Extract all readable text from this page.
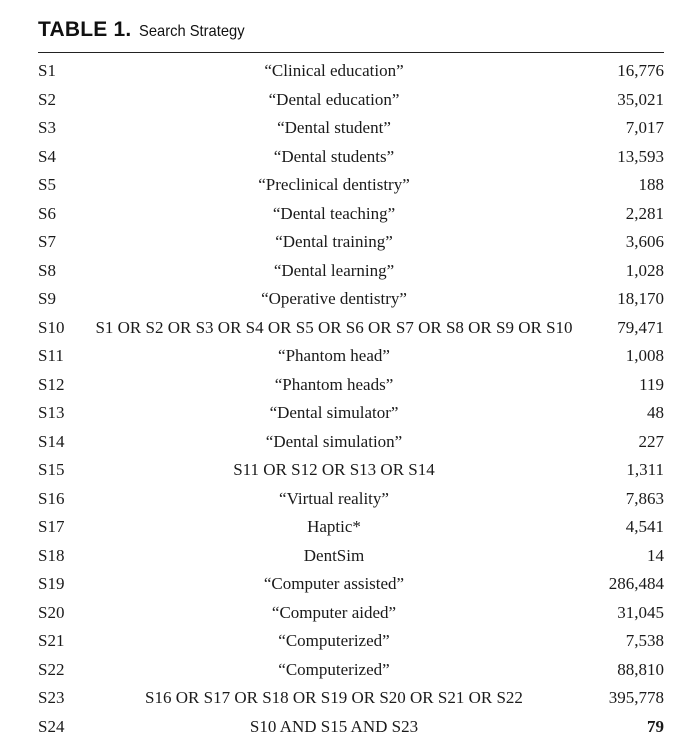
TABLE 1. Search Strategy
S1	“Clinical education”	16,776
S2	“Dental education”	35,021
S3	“Dental student”	7,017
S4	“Dental students”	13,593
S5	“Preclinical dentistry”	188
S6	“Dental teaching”	2,281
S7	“Dental training”	3,606
S8	“Dental learning”	1,028
S9	“Operative dentistry”	18,170
S10	S1 OR S2 OR S3 OR S4 OR S5 OR S6 OR S7 OR S8 OR S9 OR S10	79,471
S11	“Phantom head”	1,008
S12	“Phantom heads”	119
S13	“Dental simulator”	48
S14	“Dental simulation”	227
S15	S11 OR S12 OR S13 OR S14	1,311
S16	“Virtual reality”	7,863
S17	Haptic*	4,541
S18	DentSim	14
S19	“Computer assisted”	286,484
S20	“Computer aided”	31,045
S21	“Computerized”	7,538
S22	“Computerized”	88,810
S23	S16 OR S17 OR S18 OR S19 OR S20 OR S21 OR S22	395,778
S24	S10 AND S15 AND S23	79
